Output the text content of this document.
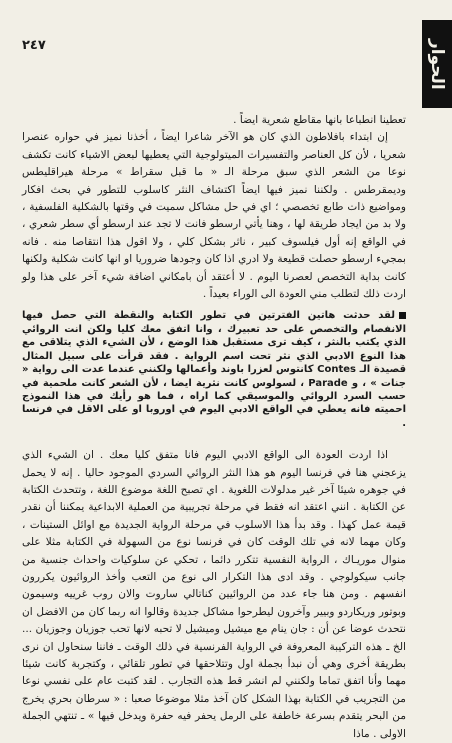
٢٤٧	الحوار

تعطينا انطباعا بانها مقاطع شعرية ايضاً .

إن ابتداء بافلاطون الذي كان هو الآخر شاعرا ايضاً ، أخذنا نميز في حواره عنصرا شعريا ، لأن كل العناصر والتفسيرات الميتولوجية التي يعطيها لبعض الاشياء كانت تكشف نوعا من الشعر الذي سبق مرحلة الـ « ما قبل سقراط » مرحلة هيراقليطس وديمقرطس . ولكننا نميز فيها ايضاً اكتشاف النثر كاسلوب للتطور في بحث افكار ومواضيع ذات طابع تخصصي ؛ اي في حل مشاكل سميت في وقتها بالشكلية الفلسفية ، ولا بد من ايجاد طريقة لها ، وهنا يأتي ارسطو فانت لا تجد عند ارسطو أي سطر شعري ، في الواقع إنه أول فيلسوف كبير ، ناثر بشكل كلي ، ولا اقول هذا انتقاصا منه . فانه بمجيء ارسطو حصلت قطيعة ولا ادري اذا كان وجودها ضروريا او انها كانت شكلية ولكنها كانت بداية التخصص لعصرنا اليوم . لا أعتقد أن بامكاني اضافة شيء آخر على هذا ولو اردت ذلك لتطلب مني العودة الى الوراء بعيداً .

لقد حدثت هاتين الفترتين في تطور الكتابة والنقطة التي حصل فيها الانفصام والتخصص على حد تعبيرك ، وانا اتفق معك كليا ولكن انت الروائي الذي يكتب بالنثر ، كيف ترى مستقبل هذا الوضع ، لأن الشيء الذي يتلاقى مع هذا النوع الادبي الذي نثر تحت اسم الرواية . فقد قرأت على سبيل المثال قصيدة الـ Contes كانتوس لعزرا باوند وأعمالها ولكنني عندما عدت الى رواية « جنات » ، و Parade ، لسولوس كانت نثرية ايضا ، لأن الشعر كانت ملحمية في حسب السرد الروائي والموسيقي كما اراه ، فما هو رأيك في هذا النموذج احميته فانه يعطي في الواقع الادبي اليوم في اوروبا او على الاقل في فرنسا .

اذا اردت العودة الى الواقع الادبي اليوم فانا متفق كليا معك . ان الشيء الذي يزعجني هنا في فرنسا اليوم هو هذا النثر الروائي السردي الموجود حاليا . إنه لا يحمل في جوهره شيئا آخر غير مدلولات اللغوية . اي تصبح اللغة موضوع اللغة ، وتتحدث الكتابة عن الكتابة . انني اعتقد انه فقط في مرحلة تجريبية من العملية الابداعية يمكننا أن نقدر قيمة عمل كهذا . وقد بدأ هذا الاسلوب في مرحلة الرواية الجديدة مع اوائل الستينات ، وكان مهما لانه في تلك الوقت كان في فرنسا نوع من السهولة في الكتابة مثلا على منوال موريـاك ، الرواية النفسية تتكرر دائما ، تحكي عن سلوكيات واحداث جنسية من جانب سيكولوجي . وقد ادى هذا التكرار الى نوع من التعب وأخذ الروائيون يكررون انفسهم . ومن هنا جاء عدد من الروائيين كناتالي ساروت والان روب غرييه وسيمون وبوتور وريكاردو وبيير وآخرون ليطرحوا مشاكل جديدة وقالوا انه ربما كان من الافضل ان نتحدث عوضا عن أن : جان ينام مع ميشيل وميشيل لا تحبه لانها تحب جوزيان وجوزيان ... الخ ـ هذه التركيبة المعروفة في الرواية الفرنسية في ذلك الوقت ـ فاننا سنحاول ان نرى بطريقة أخرى وهي أن نبدأ بجملة اول وتتلاحقها في تطور تلقائي ، وكتجربة كانت شيئا مهما وأنا اتفق تماما ولكنني لم انشر قط هذه التجارب . لقد كتبت عام على نفسي نوعا من التجريب في الكتابة بهذا الشكل كان آخذ مثلا موضوعا صعبا : « سرطان بحري يخرج من البحر يتقدم بسرعة خاطفة على الرمل يحفر فيه حفرة ويدخل فيها » ـ تنتهي الجملة الاولى . ماذا
